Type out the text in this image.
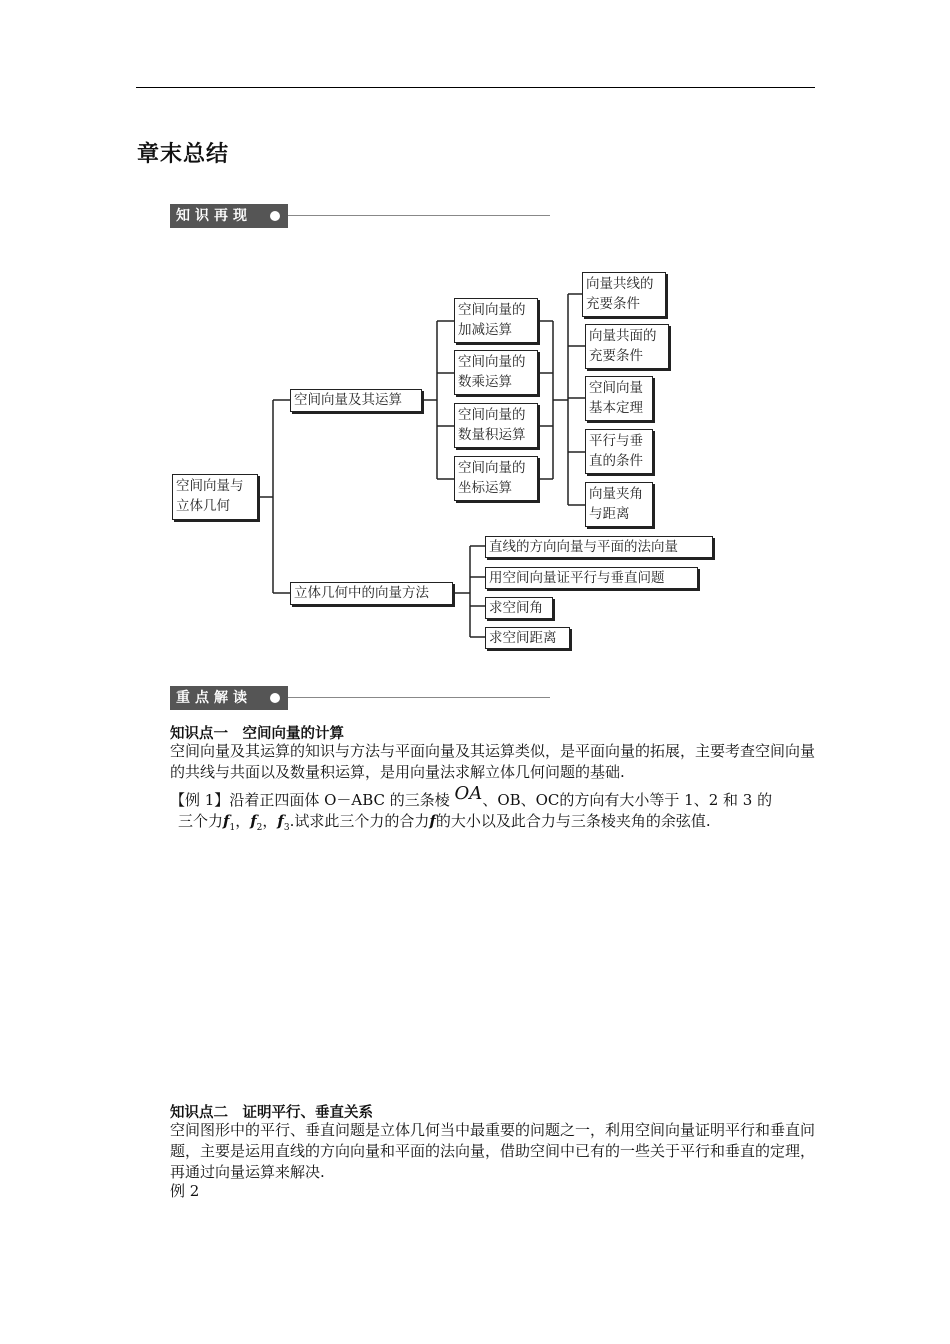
章末总结
知识再现
空间向量与
立体几何
空间向量及其运算
立体几何中的向量方法
空间向量的
加减运算
空间向量的
数乘运算
空间向量的
数量积运算
空间向量的
坐标运算
向量共线的
充要条件
向量共面的
充要条件
空间向量
基本定理
平行与垂
直的条件
向量夹角
与距离
直线的方向向量与平面的法向量
用空间向量证平行与垂直问题
求空间角
求空间距离
重点解读
知识点一　空间向量的计算
空间向量及其运算的知识与方法与平面向量及其运算类似，是平面向量的拓展，主要考查空间向量的共线与共面以及数量积运算，是用向量法求解立体几何问题的基础.
【例 1】沿着正四面体 O－ABC 的三条棱 OA、OB、OC的方向有大小等于 1、2 和 3 的
三个力$f_1$，$f_2$，$f_3$.试求此三个力的合力f的大小以及此合力与三条棱夹角的余弦值.
知识点二　证明平行、垂直关系
空间图形中的平行、垂直问题是立体几何当中最重要的问题之一，利用空间向量证明平行和垂直问题，主要是运用直线的方向向量和平面的法向量，借助空间中已有的一些关于平行和垂直的定理，再通过向量运算来解决.
例 2
